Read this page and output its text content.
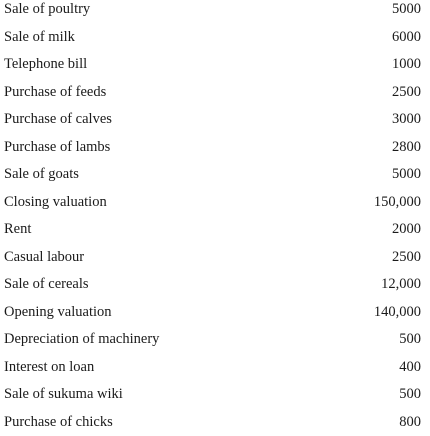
Sale of poultry	5000
Sale of milk	6000
Telephone bill	1000
Purchase of feeds	2500
Purchase of calves	3000
Purchase of lambs	2800
Sale of goats	5000
Closing valuation	150,000
Rent	2000
Casual labour	2500
Sale of cereals	12,000
Opening valuation	140,000
Depreciation of machinery	500
Interest on loan	400
Sale of sukuma wiki	500
Purchase of chicks	800
